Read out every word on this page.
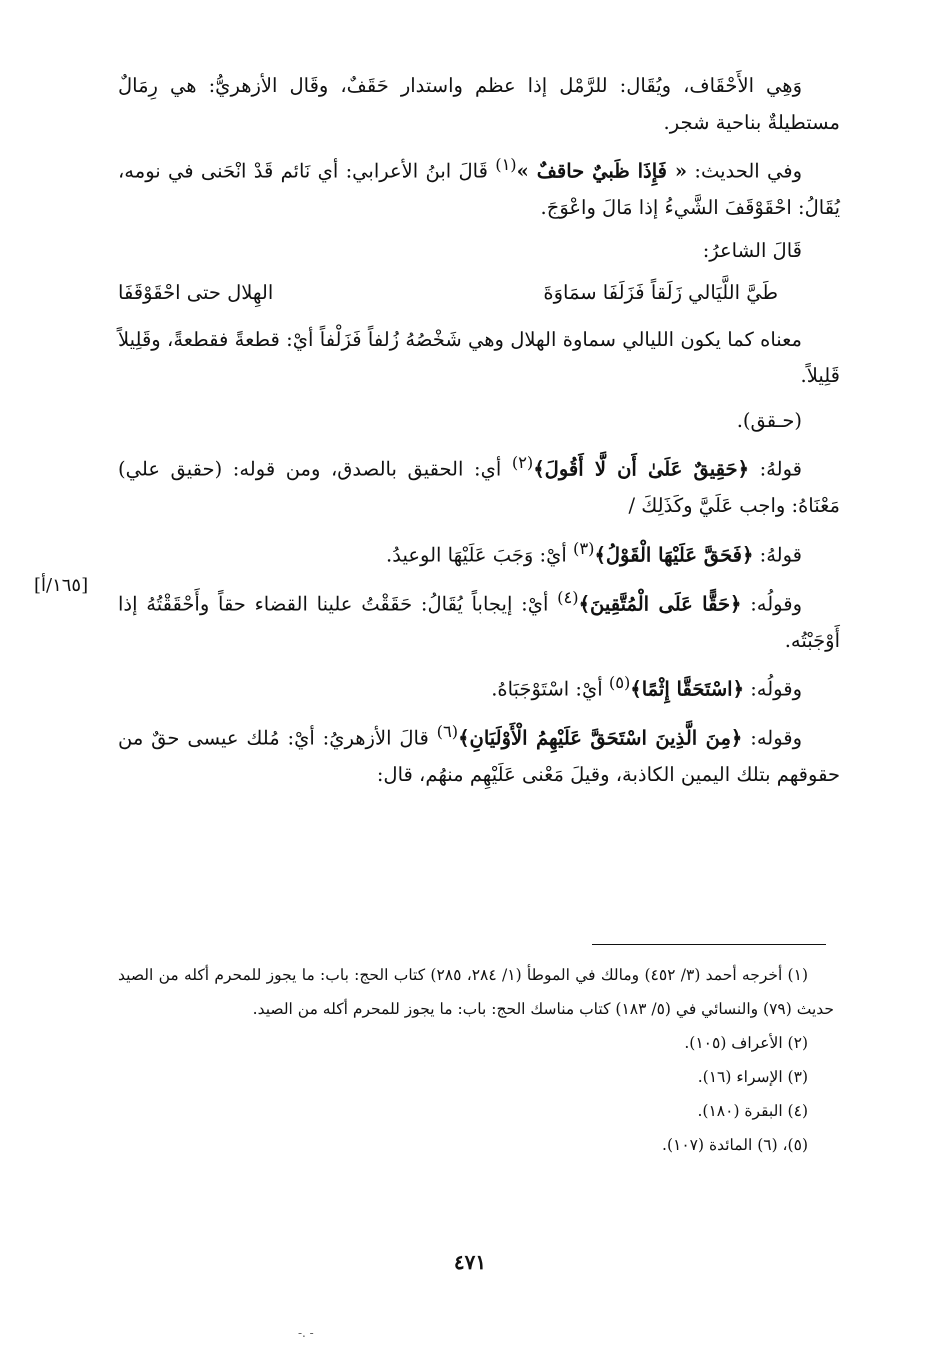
وَهِي الأَحْقَاف، ويُقَال: للرَّمْل إذا عظم واستدار حَقَفٌ، وقَال الأزهريُّ: هي رِمَالٌ مستطيلةٌ بناحية شجر.

وفي الحديث: « فَإِذَا ظَبيٌ حاقفٌ »$^{(١)}$ قَالَ ابنُ الأعرابي: أي نَائم قَدْ انْحَنى في نومه، يُقَالُ: احْقَوْقَفَ الشَّيءُ إذا مَالَ واعْوَجَ.

قَالَ الشاعرُ:

طَيَّ اللَّيَالي زَلَقاً فَزَلَفَا سمَاوَةَ
الهِلال حتى احْقَوْقَفَا

معناه كما يكون الليالي سماوة الهلال وهي شَخْصُهُ زُلفاً فَزَلْفاً أيْ: قطعةً فقطعةً، وقَلِيلاً قَلِيلاً.

(حـقق).

قولهُ: ﴿حَقِيقٌ عَلَىٰ أَن لَّا أَقُولَ﴾$^{(٢)}$ أي: الحقيق بالصدق، ومن قوله: (حقيق علي) مَعْنَاهُ: واجب عَلَيَّ وكَذَلِكَ /

قولهُ: ﴿فَحَقَّ عَلَيْهَا الْقَوْلُ﴾$^{(٣)}$ أيْ: وَجَبَ عَلَيْهَا الوعيدُ.

وقولُه: ﴿حَقًّا عَلَى الْمُتَّقِينَ﴾$^{(٤)}$ أيْ: إيجاباً يُقَالُ: حَقَقْتُ علينا القضاء حقاً وأَحْقَقْتُهُ إذا أَوْجَبْتُه.

وقولُه: ﴿اسْتَحَقَّا إِثْمًا﴾$^{(٥)}$ أيْ: اسْتَوْجَبَاهُ.

وقوله: ﴿مِنَ الَّذِينَ اسْتَحَقَّ عَلَيْهِمُ الْأَوْلَيَانِ﴾$^{(٦)}$ قالَ الأزهريُ: أيْ: مُلك عيسى حقٌ من حقوقهم بتلك اليمين الكاذبة، وقيلَ مَعْنى عَلَيْهِم منهُم، قال:

[١٦٥/أ]

(١) أخرجه أحمد (٣/ ٤٥٢) ومالك في الموطأ (١/ ٢٨٤، ٢٨٥) كتاب الحج: باب: ما يجوز للمحرم أكله من الصيد حديث (٧٩) والنسائي في (٥/ ١٨٣) كتاب مناسك الحج: باب: ما يجوز للمحرم أكله من الصيد.

(٢) الأعراف (١٠٥).

(٣) الإسراء (١٦).

(٤) البقرة (١٨٠).

(٥)، (٦) المائدة (١٠٧).

٤٧١
-. -
